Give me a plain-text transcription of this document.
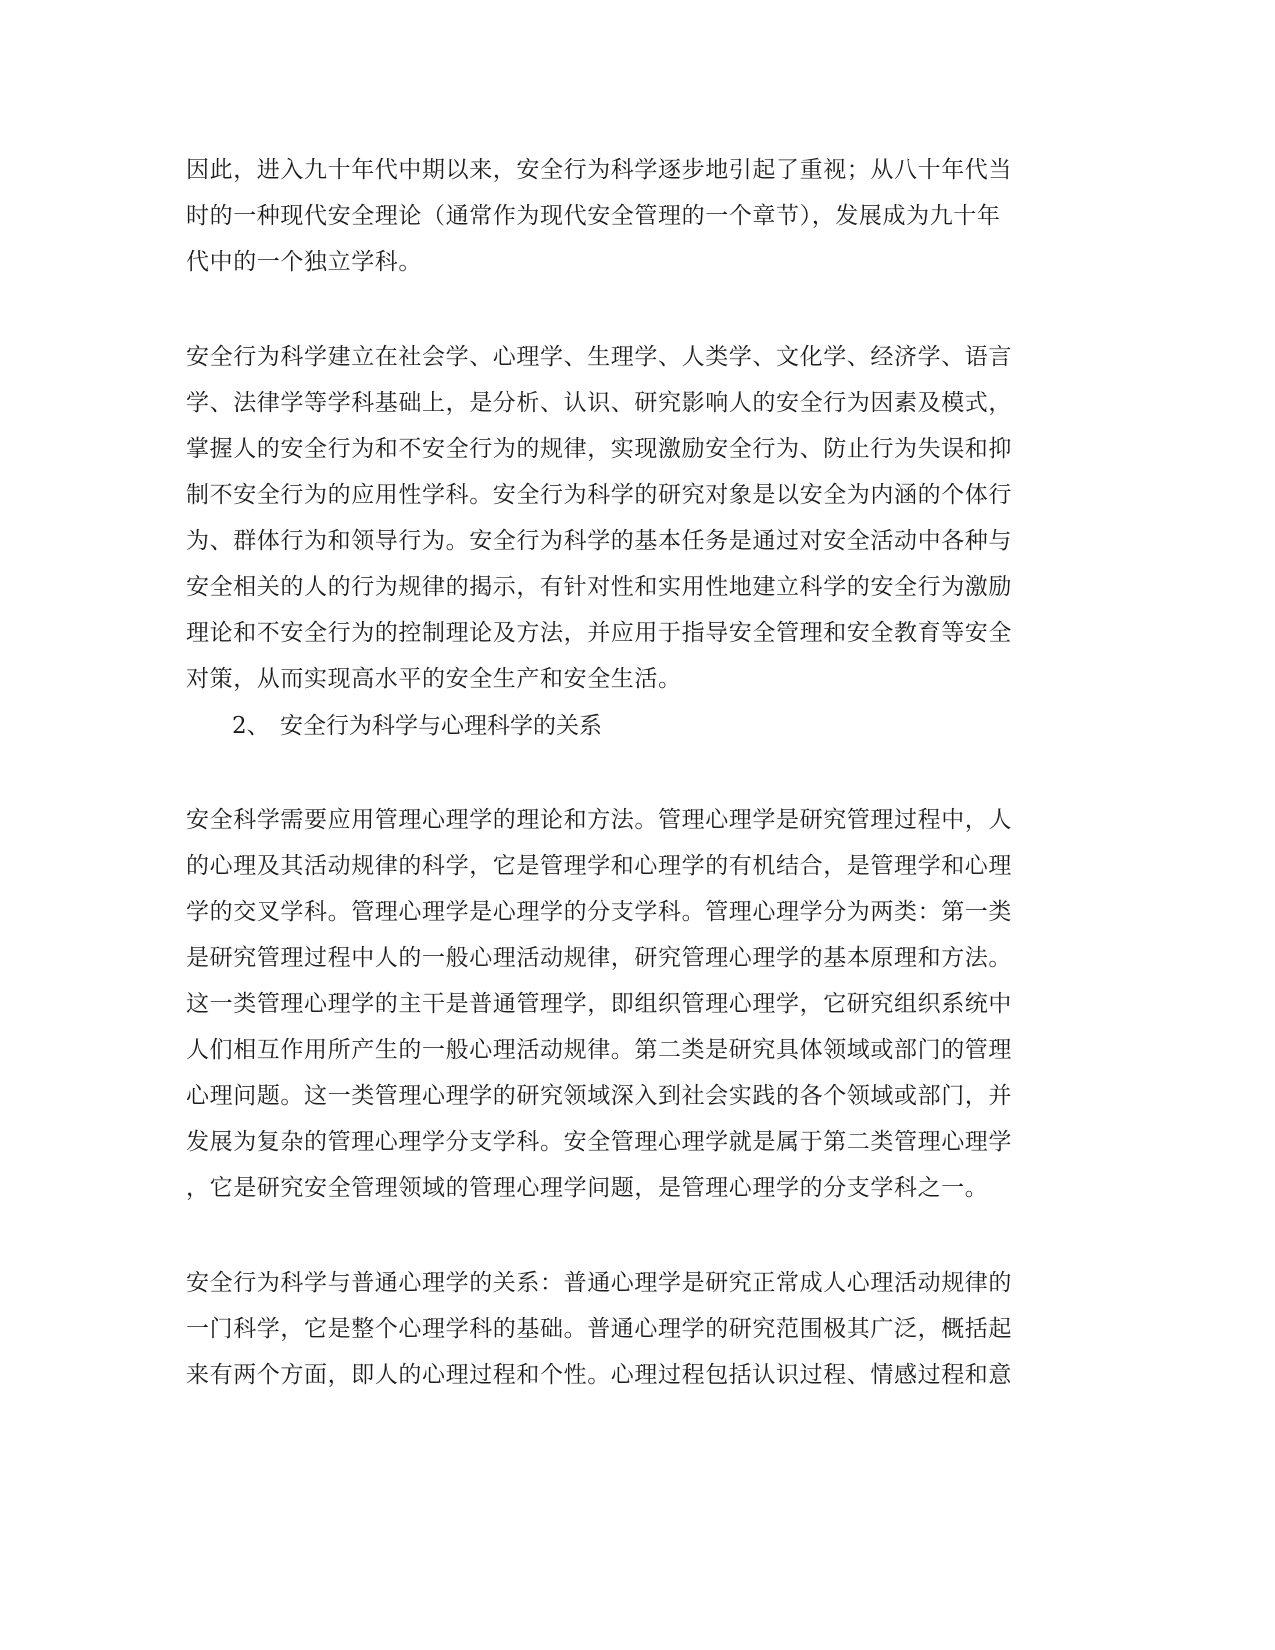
因此，进入九十年代中期以来，安全行为科学逐步地引起了重视；从八十年代当
时的一种现代安全理论（通常作为现代安全管理的一个章节），发展成为九十年
代中的一个独立学科。
安全行为科学建立在社会学、心理学、生理学、人类学、文化学、经济学、语言
学、法律学等学科基础上，是分析、认识、研究影响人的安全行为因素及模式，
掌握人的安全行为和不安全行为的规律，实现激励安全行为、防止行为失误和抑
制不安全行为的应用性学科。安全行为科学的研究对象是以安全为内涵的个体行
为、群体行为和领导行为。安全行为科学的基本任务是通过对安全活动中各种与
安全相关的人的行为规律的揭示，有针对性和实用性地建立科学的安全行为激励
理论和不安全行为的控制理论及方法，并应用于指导安全管理和安全教育等安全
对策，从而实现高水平的安全生产和安全生活。
2、 安全行为科学与心理科学的关系
安全科学需要应用管理心理学的理论和方法。管理心理学是研究管理过程中，人
的心理及其活动规律的科学，它是管理学和心理学的有机结合，是管理学和心理
学的交叉学科。管理心理学是心理学的分支学科。管理心理学分为两类：第一类
是研究管理过程中人的一般心理活动规律，研究管理心理学的基本原理和方法。
这一类管理心理学的主干是普通管理学，即组织管理心理学，它研究组织系统中
人们相互作用所产生的一般心理活动规律。第二类是研究具体领域或部门的管理
心理问题。这一类管理心理学的研究领域深入到社会实践的各个领域或部门，并
发展为复杂的管理心理学分支学科。安全管理心理学就是属于第二类管理心理学
，它是研究安全管理领域的管理心理学问题，是管理心理学的分支学科之一。
安全行为科学与普通心理学的关系：普通心理学是研究正常成人心理活动规律的
一门科学，它是整个心理学科的基础。普通心理学的研究范围极其广泛，概括起
来有两个方面，即人的心理过程和个性。心理过程包括认识过程、情感过程和意
